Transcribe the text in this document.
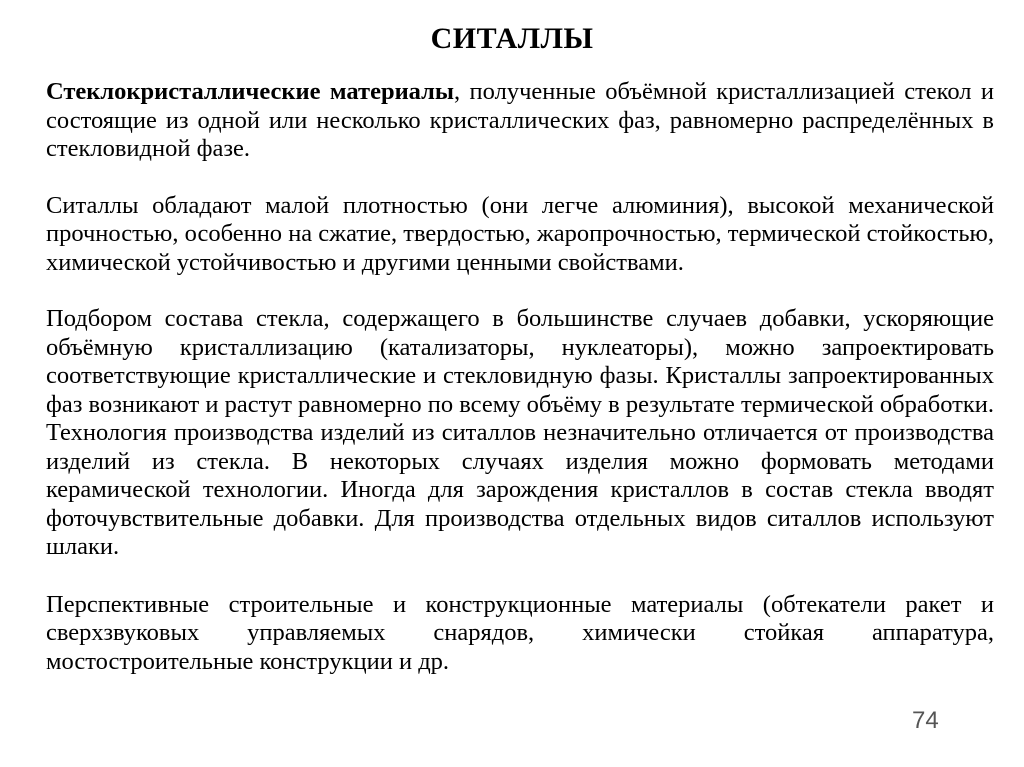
СИТАЛЛЫ

Стеклокристаллические материалы, полученные объёмной кристаллизацией стекол и состоящие из одной или несколько кристаллических фаз, равномерно распределённых в стекловидной фазе.

Ситаллы обладают малой плотностью (они легче алюминия), высокой механической прочностью, особенно на сжатие, твердостью, жаропрочностью, термической стойкостью, химической устойчивостью и другими ценными свойствами.

Подбором состава стекла, содержащего в большинстве случаев добавки, ускоряющие объёмную кристаллизацию (катализаторы, нуклеаторы), можно запроектировать соответствующие кристаллические и стекловидную фазы. Кристаллы запроектированных фаз возникают и растут равномерно по всему объёму в результате термической обработки. Технология производства изделий из ситаллов незначительно отличается от производства изделий из стекла. В некоторых случаях изделия можно формовать методами керамической технологии. Иногда для зарождения кристаллов в состав стекла вводят фоточувствительные добавки. Для производства отдельных видов ситаллов используют шлаки.

Перспективные строительные и конструкционные материалы (обтекатели ракет и сверхзвуковых управляемых снарядов, химически стойкая аппаратура, мостостроительные конструкции и др.

74
